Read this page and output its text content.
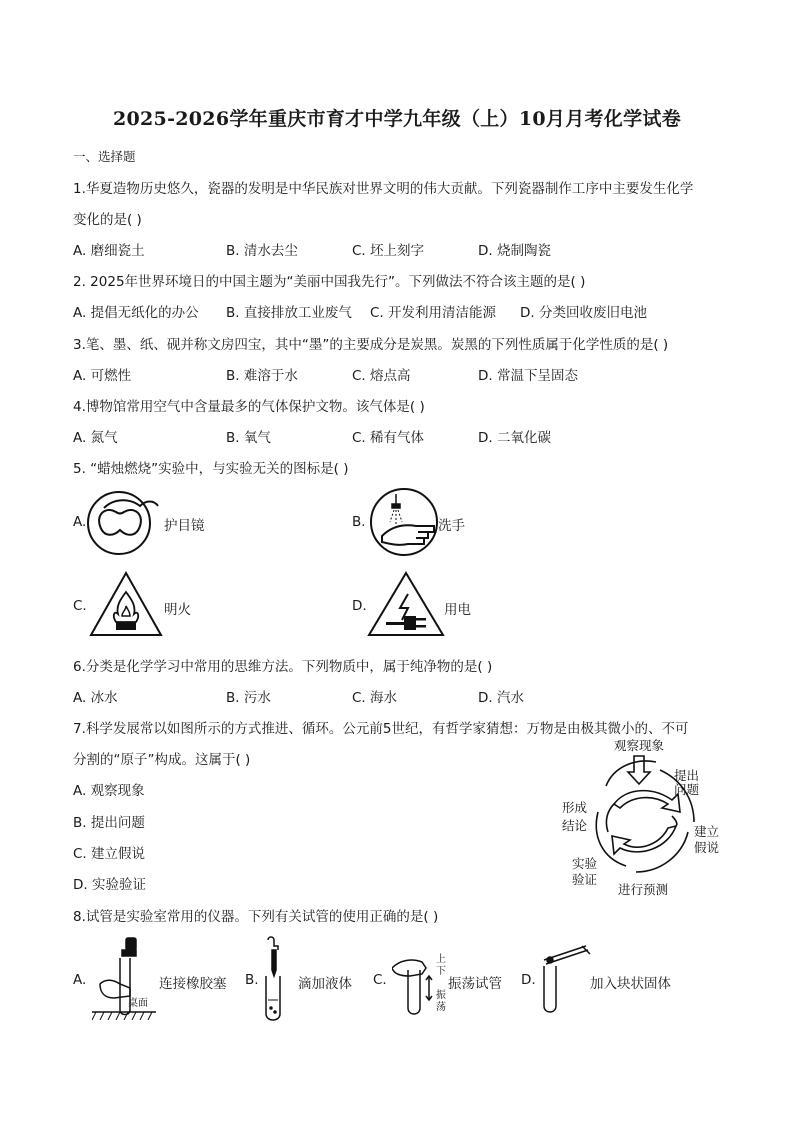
2025-2026学年重庆市育才中学九年级（上）10月月考化学试卷
一、选择题
1.华夏造物历史悠久，瓷器的发明是中华民族对世界文明的伟大贡献。下列瓷器制作工序中主要发生化学
变化的是( )
A. 磨细瓷土	B. 清水去尘	C. 坯上刻字	D. 烧制陶瓷
2. 2025年世界环境日的中国主题为“美丽中国我先行”。下列做法不符合该主题的是( )
A. 提倡无纸化的办公 B. 直接排放工业废气 C. 开发利用清洁能源 D. 分类回收废旧电池
3.笔、墨、纸、砚并称文房四宝，其中“墨”的主要成分是炭黑。炭黑的下列性质属于化学性质的是( )
A. 可燃性	B. 难溶于水	C. 熔点高	D. 常温下呈固态
4.博物馆常用空气中含量最多的气体保护文物。该气体是( )
A. 氮气	B. 氧气	C. 稀有气体	D. 二氧化碳
5. “蜡烛燃烧”实验中，与实验无关的图标是( )
A.	护目镜	B.	洗手
C.	明火	D.	用电
6.分类是化学学习中常用的思维方法。下列物质中，属于纯净物的是( )
A. 冰水	B. 污水	C. 海水	D. 汽水
7.科学发展常以如图所示的方式推进、循环。公元前5世纪，有哲学家猜想：万物是由极其微小的、不可
分割的“原子”构成。这属于( )
A. 观察现象
B. 提出问题
C. 建立假说
D. 实验验证
观察现象
提出
问题
建立
假说
进行预测
实验
验证
形成
结论
8.试管是实验室常用的仪器。下列有关试管的使用正确的是( )
A.
桌面
连接橡胶塞 B.	滴加液体 C.
上
下
振
荡
振荡试管 D.	加入块状固体
